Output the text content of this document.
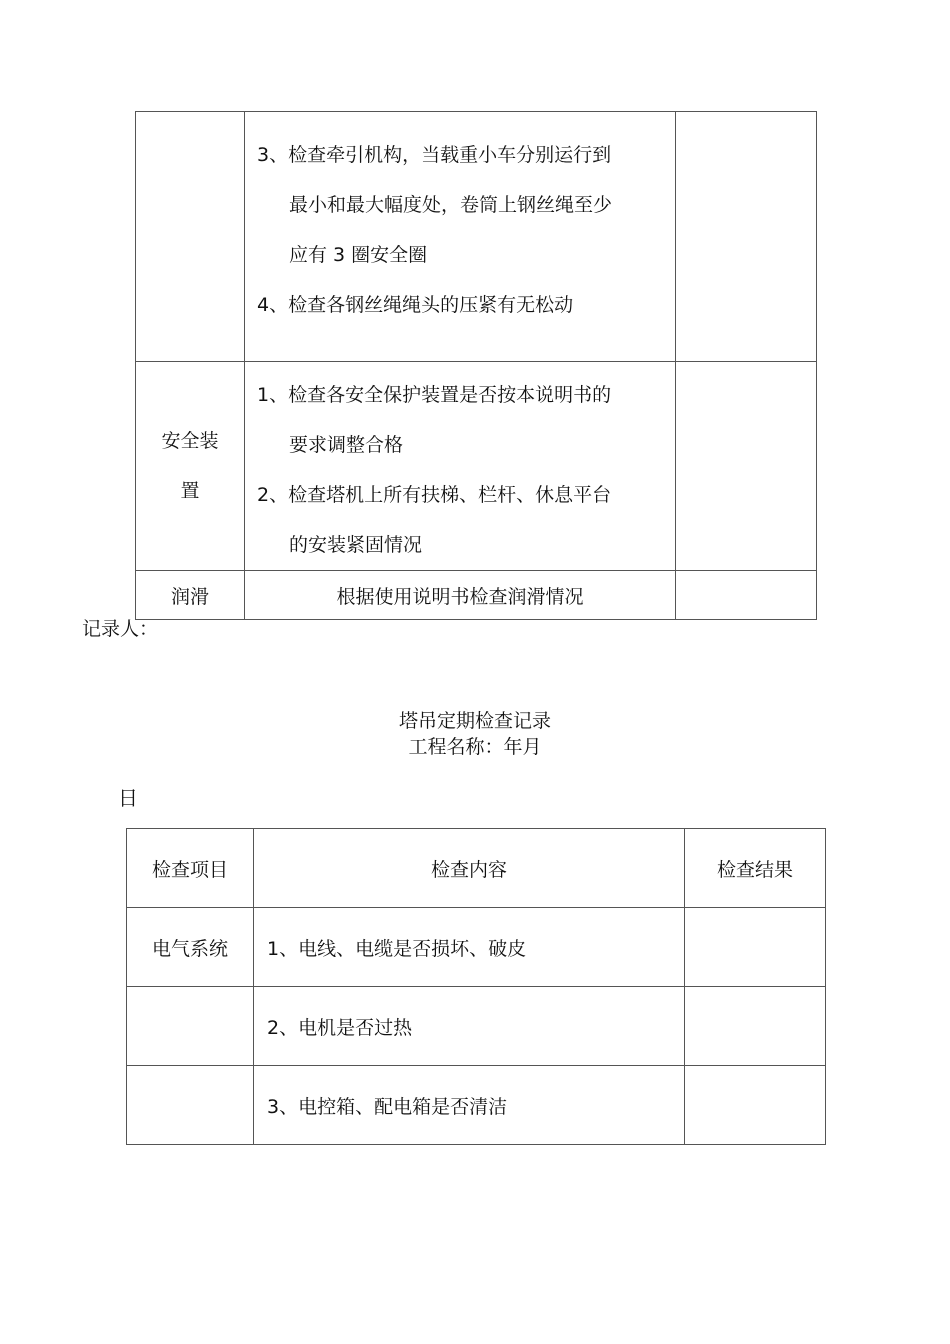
	3、检查牵引机构，当载重小车分别运行到
最小和最大幅度处，卷筒上钢丝绳至少
应有 3 圈安全圈
4、检查各钢丝绳绳头的压紧有无松动	

安全装
置	1、检查各安全保护装置是否按本说明书的
要求调整合格
2、检查塔机上所有扶梯、栏杆、休息平台
的安装紧固情况	

润滑	根据使用说明书检查润滑情况	
记录人：
塔吊定期检查记录
工程名称：年月
日
检查项目	检查内容	检查结果
电气系统	1、电线、电缆是否损坏、破皮	
	2、电机是否过热	
	3、电控箱、配电箱是否清洁	
